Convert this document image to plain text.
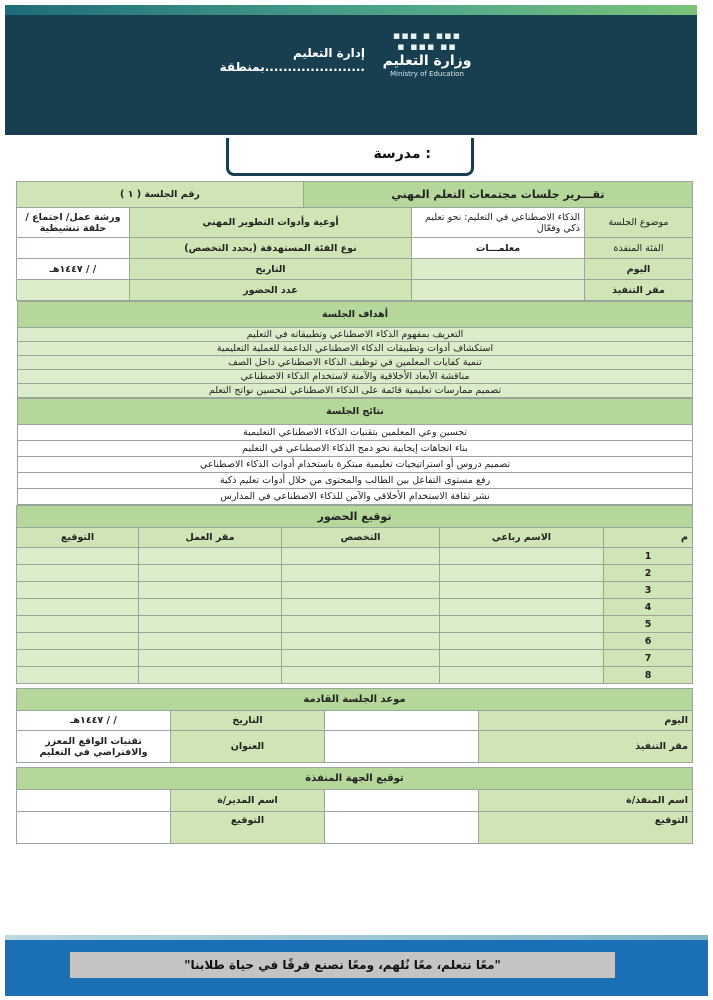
▪▪▪ ▪ ▪▪▪
▪ ▪▪▪ ▪▪
وزارة التعليم
Ministry of Education
إدارة التعليم بمنطقة......................
مدرسة :
تقـــرير جلسات مجتمعات التعلم المهني			رقم الجلسة ( ١ )	
موضوع الجلسة	الذكاء الاصطناعي في التعليم: نحو تعليم ذكي وفعّال	أوعية وأدوات التطوير المهني		ورشة عمل/ اجتماع / حلقة تنشيطية
الفئة المنفذة	معلمـــات	نوع الفئة المستهدفة (بحدد التخصص)		
اليوم		التاريخ		/ / ١٤٤٧هـ
مقر التنفيذ		عدد الحضور		
أهداف الجلسة
التعريف بمفهوم الذكاء الاصطناعي وتطبيقاته في التعليم
استكشاف أدوات وتطبيقات الذكاء الاصطناعي الداعمة للعملية التعليمية
تنمية كفايات المعلمين في توظيف الذكاء الاصطناعي داخل الصف
مناقشة الأبعاد الأخلاقية والآمنة لاستخدام الذكاء الاصطناعي
تصميم ممارسات تعليمية قائمة على الذكاء الاصطناعي لتحسين نواتج التعلم
نتائج الجلسة
تحسين وعي المعلمين بتقنيات الذكاء الاصطناعي التعليمية
بناء اتجاهات إيجابية نحو دمج الذكاء الاصطناعي في التعليم
تصميم دروس أو استراتيجيات تعليمية مبتكرة باستخدام أدوات الذكاء الاصطناعي
رفع مستوى التفاعل بين الطالب والمحتوى من خلال أدوات تعليم ذكية
نشر ثقافة الاستخدام الأخلاقي والآمن للذكاء الاصطناعي في المدارس
توقيع الحضور				
م	الاسم رباعي	التخصص	مقر العمل	التوقيع
1				
2				
3				
4				
5				
6				
7				
8				
موعد الجلسة القادمة			
اليوم		التاريخ	/ / ١٤٤٧هـ
مقر التنفيذ		العنوان	تقنيات الواقع المعزز والافتراضي في التعليم
توقيع الجهة المنفذة			
اسم المنفذ/ة		اسم المدير/ة	
التوقيع		التوقيع	
"معًا نتعلم، معًا نُلهم، ومعًا نصنع فرقًا في حياة طلابنا"
